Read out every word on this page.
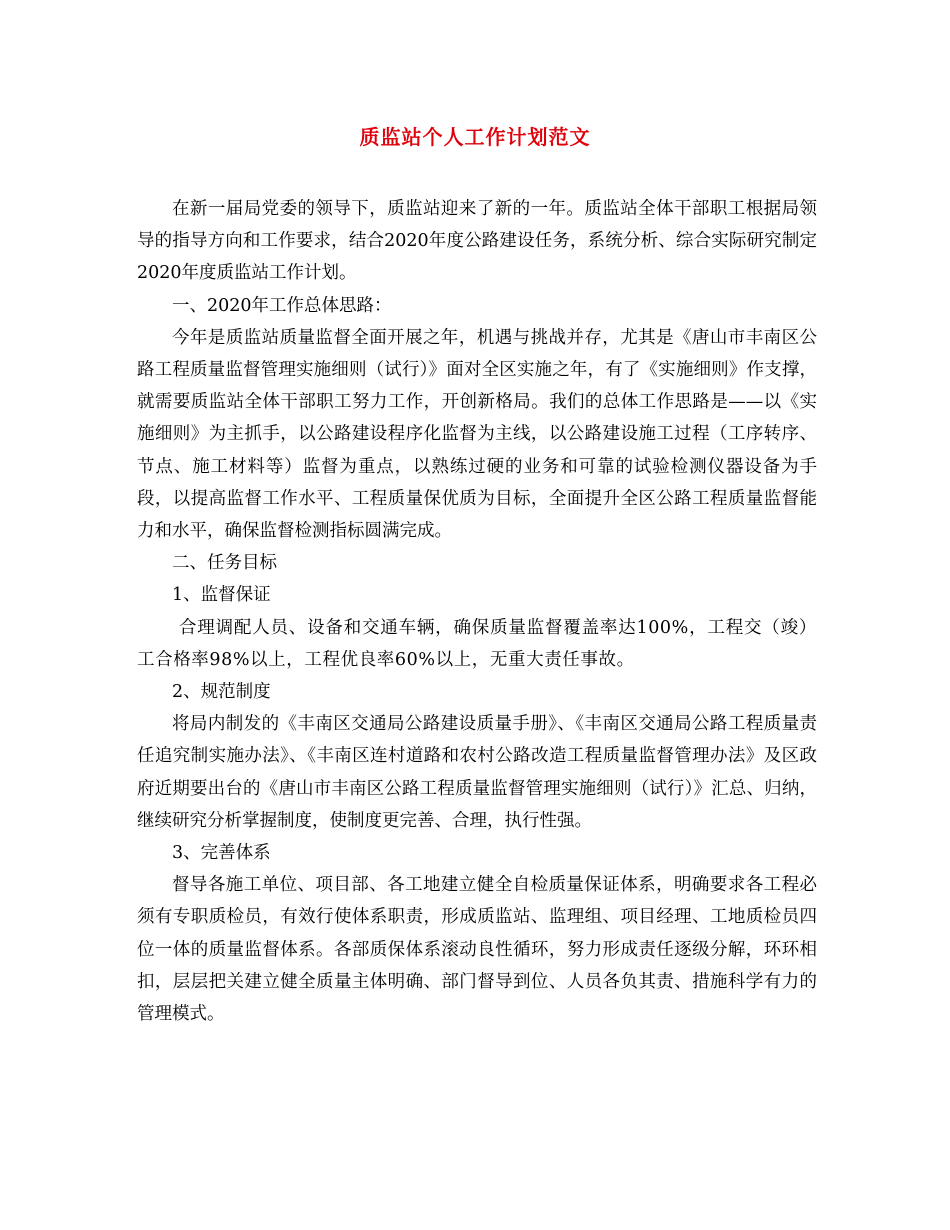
质监站个人工作计划范文

在新一届局党委的领导下，质监站迎来了新的一年。质监站全体干部职工根据局领导的指导方向和工作要求，结合2020年度公路建设任务，系统分析、综合实际研究制定2020年度质监站工作计划。

一、2020年工作总体思路：

今年是质监站质量监督全面开展之年，机遇与挑战并存，尤其是《唐山市丰南区公路工程质量监督管理实施细则（试行）》面对全区实施之年，有了《实施细则》作支撑，就需要质监站全体干部职工努力工作，开创新格局。我们的总体工作思路是——以《实施细则》为主抓手，以公路建设程序化监督为主线，以公路建设施工过程（工序转序、节点、施工材料等）监督为重点，以熟练过硬的业务和可靠的试验检测仪器设备为手段，以提高监督工作水平、工程质量保优质为目标，全面提升全区公路工程质量监督能力和水平，确保监督检测指标圆满完成。

二、任务目标

1、监督保证

合理调配人员、设备和交通车辆，确保质量监督覆盖率达100%，工程交（竣）工合格率98%以上，工程优良率60%以上，无重大责任事故。

2、规范制度

将局内制发的《丰南区交通局公路建设质量手册》、《丰南区交通局公路工程质量责任追究制实施办法》、《丰南区连村道路和农村公路改造工程质量监督管理办法》及区政府近期要出台的《唐山市丰南区公路工程质量监督管理实施细则（试行）》汇总、归纳，继续研究分析掌握制度，使制度更完善、合理，执行性强。

3、完善体系

督导各施工单位、项目部、各工地建立健全自检质量保证体系，明确要求各工程必须有专职质检员，有效行使体系职责，形成质监站、监理组、项目经理、工地质检员四位一体的质量监督体系。各部质保体系滚动良性循环，努力形成责任逐级分解，环环相扣，层层把关建立健全质量主体明确、部门督导到位、人员各负其责、措施科学有力的管理模式。
